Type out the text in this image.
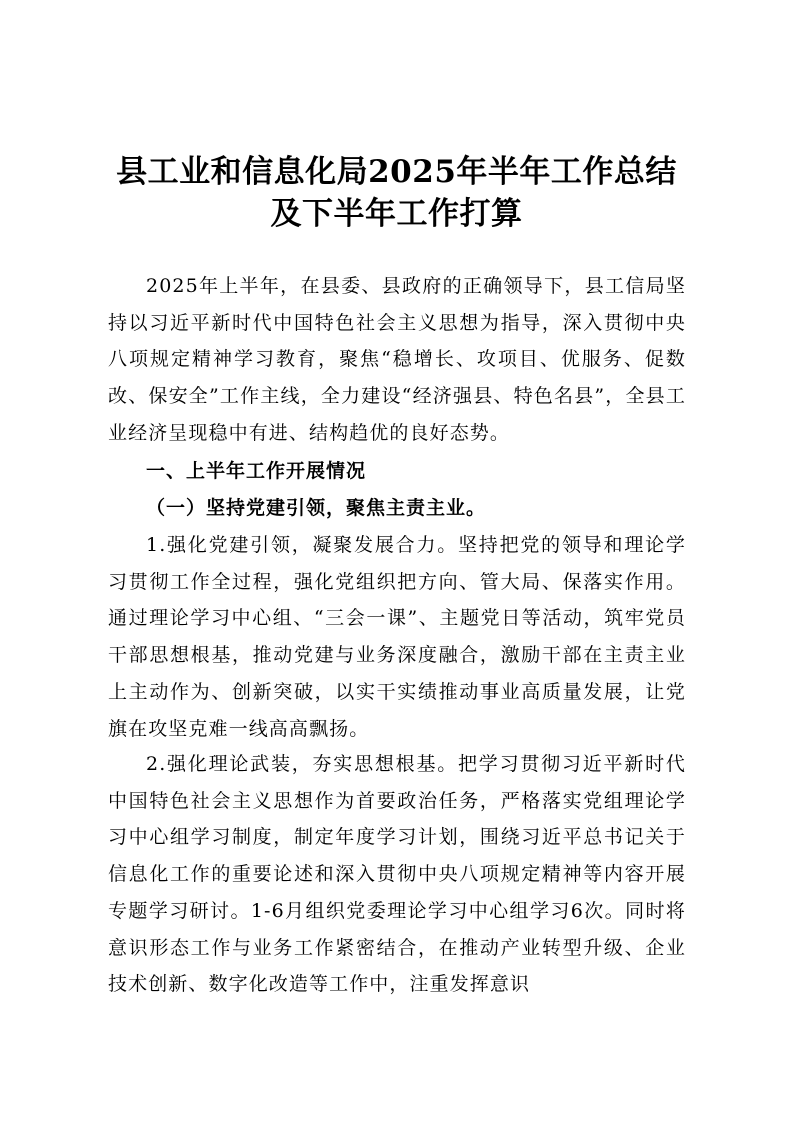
县工业和信息化局2025年半年工作总结
及下半年工作打算

2025年上半年，在县委、县政府的正确领导下，县工信局坚持以习近平新时代中国特色社会主义思想为指导，深入贯彻中央八项规定精神学习教育，聚焦“稳增长、攻项目、优服务、促数改、保安全”工作主线，全力建设“经济强县、特色名县”，全县工业经济呈现稳中有进、结构趋优的良好态势。

一、上半年工作开展情况
（一）坚持党建引领，聚焦主责主业。

1.强化党建引领，凝聚发展合力。坚持把党的领导和理论学习贯彻工作全过程，强化党组织把方向、管大局、保落实作用。通过理论学习中心组、“三会一课”、主题党日等活动，筑牢党员干部思想根基，推动党建与业务深度融合，激励干部在主责主业上主动作为、创新突破，以实干实绩推动事业高质量发展，让党旗在攻坚克难一线高高飘扬。

2.强化理论武装，夯实思想根基。把学习贯彻习近平新时代中国特色社会主义思想作为首要政治任务，严格落实党组理论学习中心组学习制度，制定年度学习计划，围绕习近平总书记关于信息化工作的重要论述和深入贯彻中央八项规定精神等内容开展专题学习研讨。1-6月组织党委理论学习中心组学习6次。同时将意识形态工作与业务工作紧密结合，在推动产业转型升级、企业技术创新、数字化改造等工作中，注重发挥意识
